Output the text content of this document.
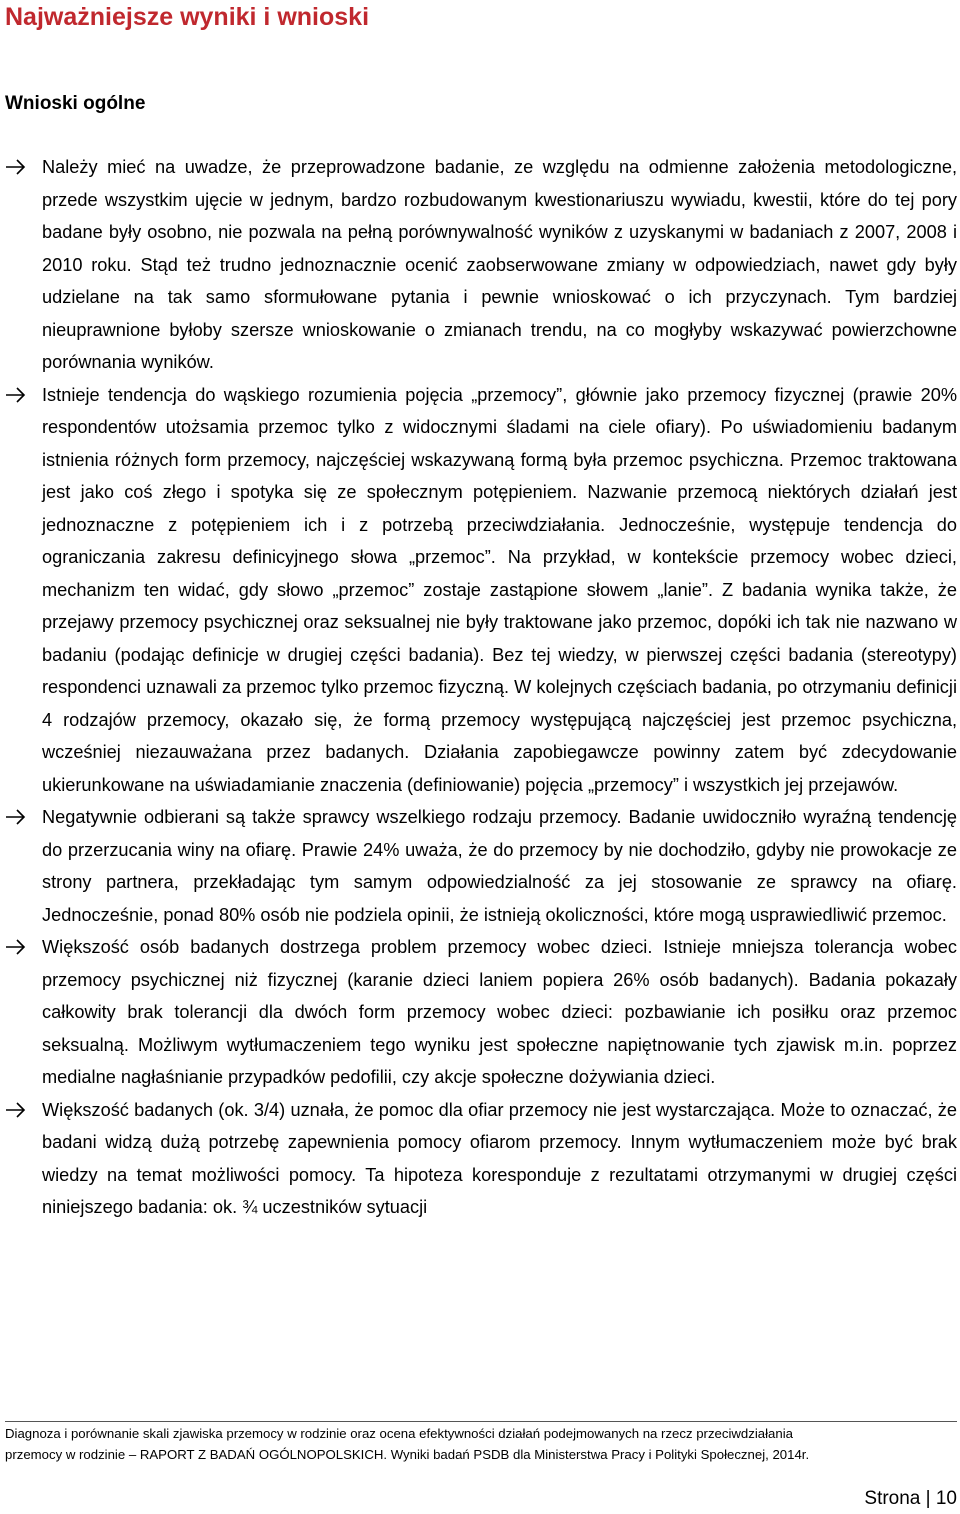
Najważniejsze wyniki i wnioski
Wnioski ogólne
Należy mieć na uwadze, że przeprowadzone badanie, ze względu na odmienne założenia metodologiczne, przede wszystkim ujęcie w jednym, bardzo rozbudowanym kwestionariuszu wywiadu, kwestii, które do tej pory badane były osobno, nie pozwala na pełną porównywalność wyników z uzyskanymi w badaniach z 2007, 2008 i 2010 roku. Stąd też trudno jednoznacznie ocenić zaobserwowane zmiany w odpowiedziach, nawet gdy były udzielane na tak samo sformułowane pytania i pewnie wnioskować o ich przyczynach. Tym bardziej nieuprawnione byłoby szersze wnioskowanie o zmianach trendu, na co mogłyby wskazywać powierzchowne porównania wyników.
Istnieje tendencja do wąskiego rozumienia pojęcia „przemocy”, głównie jako przemocy fizycznej (prawie 20% respondentów utożsamia przemoc tylko z widocznymi śladami na ciele ofiary). Po uświadomieniu badanym istnienia różnych form przemocy, najczęściej wskazywaną formą była przemoc psychiczna. Przemoc traktowana jest jako coś złego i spotyka się ze społecznym potępieniem. Nazwanie przemocą niektórych działań jest jednoznaczne z potępieniem ich i z potrzebą przeciwdziałania. Jednocześnie, występuje tendencja do ograniczania zakresu definicyjnego słowa „przemoc”. Na przykład, w kontekście przemocy wobec dzieci, mechanizm ten widać, gdy słowo „przemoc” zostaje zastąpione słowem „lanie”. Z badania wynika także, że przejawy przemocy psychicznej oraz seksualnej nie były traktowane jako przemoc, dopóki ich tak nie nazwano w badaniu (podając definicje w drugiej części badania). Bez tej wiedzy, w pierwszej części badania (stereotypy) respondenci uznawali za przemoc tylko przemoc fizyczną. W kolejnych częściach badania, po otrzymaniu definicji 4 rodzajów przemocy, okazało się, że formą przemocy występującą najczęściej jest przemoc psychiczna, wcześniej niezauważana przez badanych. Działania zapobiegawcze powinny zatem być zdecydowanie ukierunkowane na uświadamianie znaczenia (definiowanie) pojęcia „przemocy” i wszystkich jej przejawów.
Negatywnie odbierani są także sprawcy wszelkiego rodzaju przemocy. Badanie uwidoczniło wyraźną tendencję do przerzucania winy na ofiarę. Prawie 24% uważa, że do przemocy by nie dochodziło, gdyby nie prowokacje ze strony partnera, przekładając tym samym odpowiedzialność za jej stosowanie ze sprawcy na ofiarę. Jednocześnie, ponad 80% osób nie podziela opinii, że istnieją okoliczności, które mogą usprawiedliwić przemoc.
Większość osób badanych dostrzega problem przemocy wobec dzieci. Istnieje mniejsza tolerancja wobec przemocy psychicznej niż fizycznej (karanie dzieci laniem popiera 26% osób badanych). Badania pokazały całkowity brak tolerancji dla dwóch form przemocy wobec dzieci: pozbawianie ich posiłku oraz przemoc seksualną. Możliwym wytłumaczeniem tego wyniku jest społeczne napiętnowanie tych zjawisk m.in. poprzez medialne nagłaśnianie przypadków pedofilii, czy akcje społeczne dożywiania dzieci.
Większość badanych (ok. 3/4) uznała, że pomoc dla ofiar przemocy nie jest wystarczająca. Może to oznaczać, że badani widzą dużą potrzebę zapewnienia pomocy ofiarom przemocy. Innym wytłumaczeniem może być brak wiedzy na temat możliwości pomocy. Ta hipoteza koresponduje z rezultatami otrzymanymi w drugiej części niniejszego badania: ok. ¾ uczestników sytuacji

Diagnoza i porównanie skali zjawiska przemocy w rodzinie oraz ocena efektywności działań podejmowanych na rzecz przeciwdziałania

przemocy w rodzinie – RAPORT Z BADAŃ OGÓLNOPOLSKICH. Wyniki badań PSDB dla Ministerstwa Pracy i Polityki Społecznej, 2014r.

Strona | 10
